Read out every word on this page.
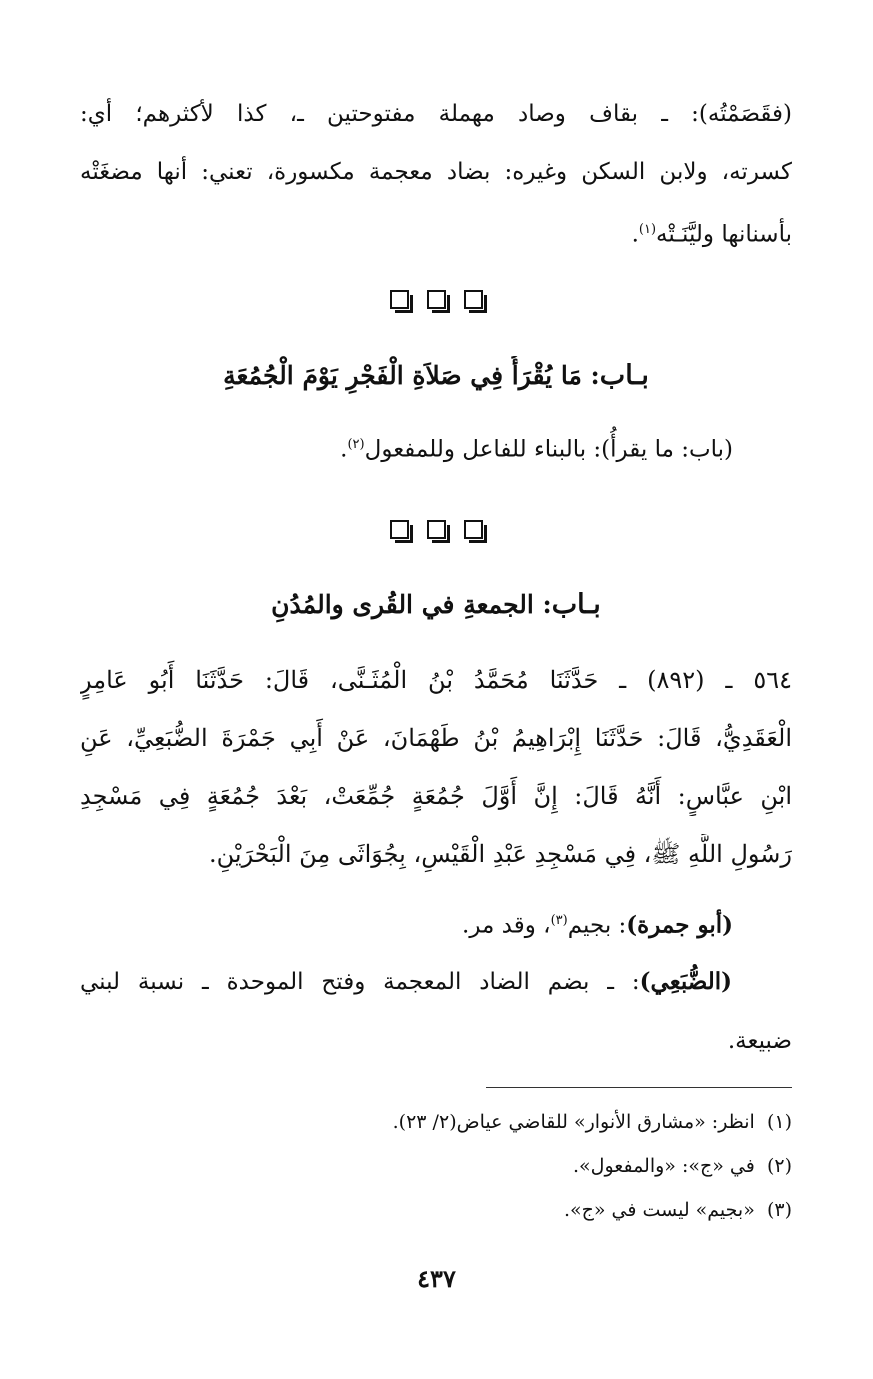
(فقَصَمْتُه): ـ بقاف وصاد مهملة مفتوحتين ـ، كذا لأكثرهم؛ أي:
كسرته، ولابن السكن وغيره: بضاد معجمة مكسورة، تعني: أنها مضغَتْه
بأسنانها وليَّنَـتْه$^{(١)}$.
بـاب: مَا يُقْرَأُ فِي صَلاَةِ الْفَجْرِ يَوْمَ الْجُمُعَةِ
(باب: ما يقرأُ): بالبناء للفاعل وللمفعول$^{(٢)}$.
بـاب: الجمعةِ في القُرى والمُدُنِ
٥٦٤ ـ (٨٩٢) ـ حَدَّثَنَا مُحَمَّدُ بْنُ الْمُثَـنَّى، قَالَ: حَدَّثَنَا أَبُو عَامِرٍ
الْعَقَدِيُّ، قَالَ: حَدَّثَنَا إِبْرَاهِيمُ بْنُ طَهْمَانَ، عَنْ أَبِي جَمْرَةَ الضُّبَعِيِّ، عَنِ
ابْنِ عبَّاسٍ: أَنَّهُ قَالَ: إِنَّ أَوَّلَ جُمُعَةٍ جُمِّعَتْ، بَعْدَ جُمُعَةٍ فِي مَسْجِدِ
رَسُولِ اللَّهِ ﷺ، فِي مَسْجِدِ عَبْدِ الْقَيْسِ، بِجُوَاثَى مِنَ الْبَحْرَيْنِ.
(أبو جمرة): بجيم$^{(٣)}$، وقد مر.
(الضُّبَعِي): ـ بضم الضاد المعجمة وفتح الموحدة ـ نسبة لبني
ضبيعة.
(١)  انظر: «مشارق الأنوار» للقاضي عياض(٢/ ٢٣).
(٢)  في «ج»: «والمفعول».
(٣)  «بجيم» ليست في «ج».
٤٣٧
